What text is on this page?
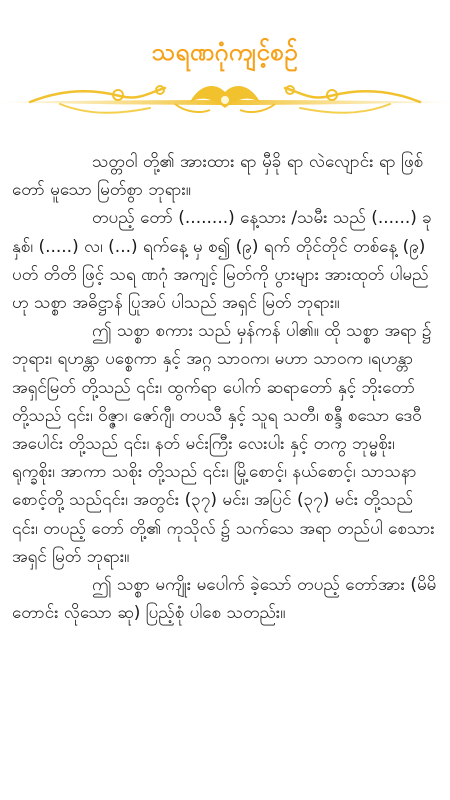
သရဏဂုံကျင့်စဥ်

သတ္တဝါ တို့၏ အားထား ရာ မှီခို ရာ လဲလျောင်း ရာ ဖြစ်တော် မူသော မြတ်စွာ ဘုရား။

တပည့် တော် (........) နေ့သား /သမီး သည် (......) ခုနှစ်၊ (.....) လ၊ (...) ရက်နေ့ မှ စ၍ (၉) ရက် တိုင်တိုင် တစ်နေ့ (၉) ပတ် တိတိ ဖြင့် သရ ဏဂုံ အကျင့် မြတ်ကို ပွားများ အားထုတ် ပါမည် ဟု သစ္စာ အဓိဋ္ဌာန် ပြုအပ် ပါသည် အရှင် မြတ် ဘုရား။

ဤ သစ္စာ စကား သည် မှန်ကန် ပါ၏။ ထို သစ္စာ အရာ ၌ ဘုရား၊ ရဟန္တာ ပစ္စေကာ နှင့် အဂ္ဂ သာဝက၊ မဟာ သာဝက ၊ရဟန္တာ အရှင်မြတ် တို့သည် ၎င်း၊ ထွက်ရာ ပေါက် ဆရာတော် နှင့် ဘိုးတော် တို့သည် ၎င်း၊ ဝိဇ္ဇာ၊ ဇော်ဂျီ၊ တပသီ နှင့် သူရ သတီ၊ စန္ဒီ စသော ဒေဝီ အပေါင်း တို့သည် ၎င်း၊ နတ် မင်းကြီး လေးပါး နှင့် တကွ ဘုမ္မစိုး၊ ရုက္ခစိုး၊ အာကာ သစိုး တို့သည် ၎င်း၊ မြို့စောင့်၊ နယ်စောင့်၊ သာသနာ စောင့်တို့ သည်၎င်း၊ အတွင်း (၃၇) မင်း၊ အပြင် (၃၇) မင်း တို့သည် ၎င်း၊ တပည့် တော် တို့၏ ကုသိုလ် ၌ သက်သေ အရာ တည်ပါ စေသား အရှင် မြတ် ဘုရား။

ဤ သစ္စာ မကျိုး မပေါက် ခဲ့သော် တပည့် တော်အား (မိမိ တောင်း လိုသော ဆု) ပြည့်စုံ ပါစေ သတည်း။
